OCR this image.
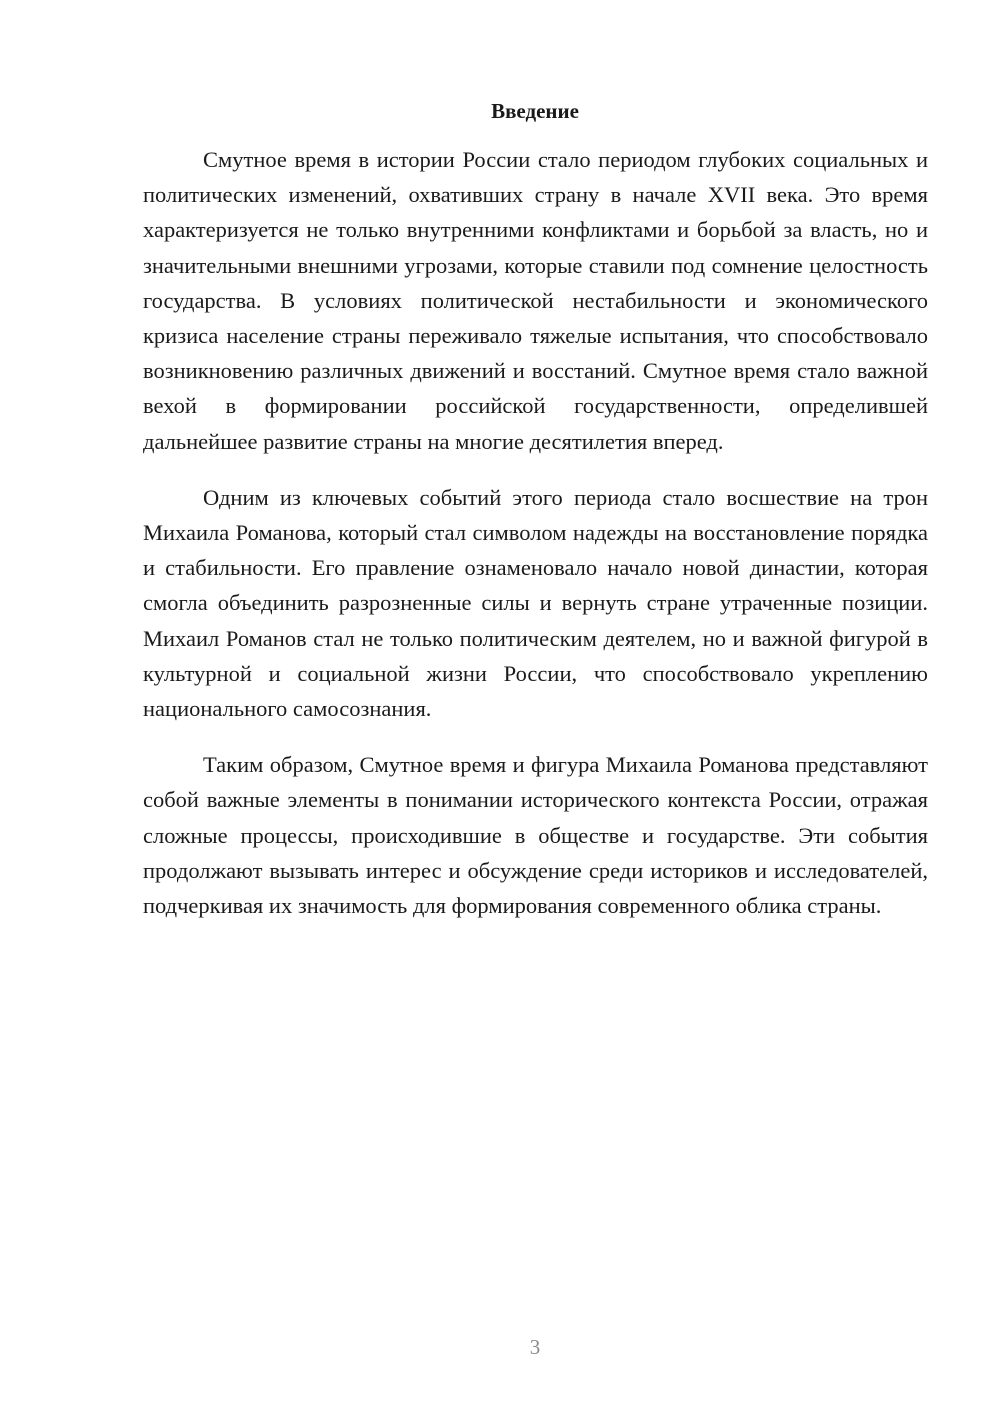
Введение

Смутное время в истории России стало периодом глубоких социальных и политических изменений, охвативших страну в начале XVII века. Это время характеризуется не только внутренними конфликтами и борьбой за власть, но и значительными внешними угрозами, которые ставили под сомнение целостность государства. В условиях политической нестабильности и экономического кризиса население страны переживало тяжелые испытания, что способствовало возникновению различных движений и восстаний. Смутное время стало важной вехой в формировании российской государственности, определившей дальнейшее развитие страны на многие десятилетия вперед.

Одним из ключевых событий этого периода стало восшествие на трон Михаила Романова, который стал символом надежды на восстановление порядка и стабильности. Его правление ознаменовало начало новой династии, которая смогла объединить разрозненные силы и вернуть стране утраченные позиции. Михаил Романов стал не только политическим деятелем, но и важной фигурой в культурной и социальной жизни России, что способствовало укреплению национального самосознания.

Таким образом, Смутное время и фигура Михаила Романова представляют собой важные элементы в понимании исторического контекста России, отражая сложные процессы, происходившие в обществе и государстве. Эти события продолжают вызывать интерес и обсуждение среди историков и исследователей, подчеркивая их значимость для формирования современного облика страны.

3
